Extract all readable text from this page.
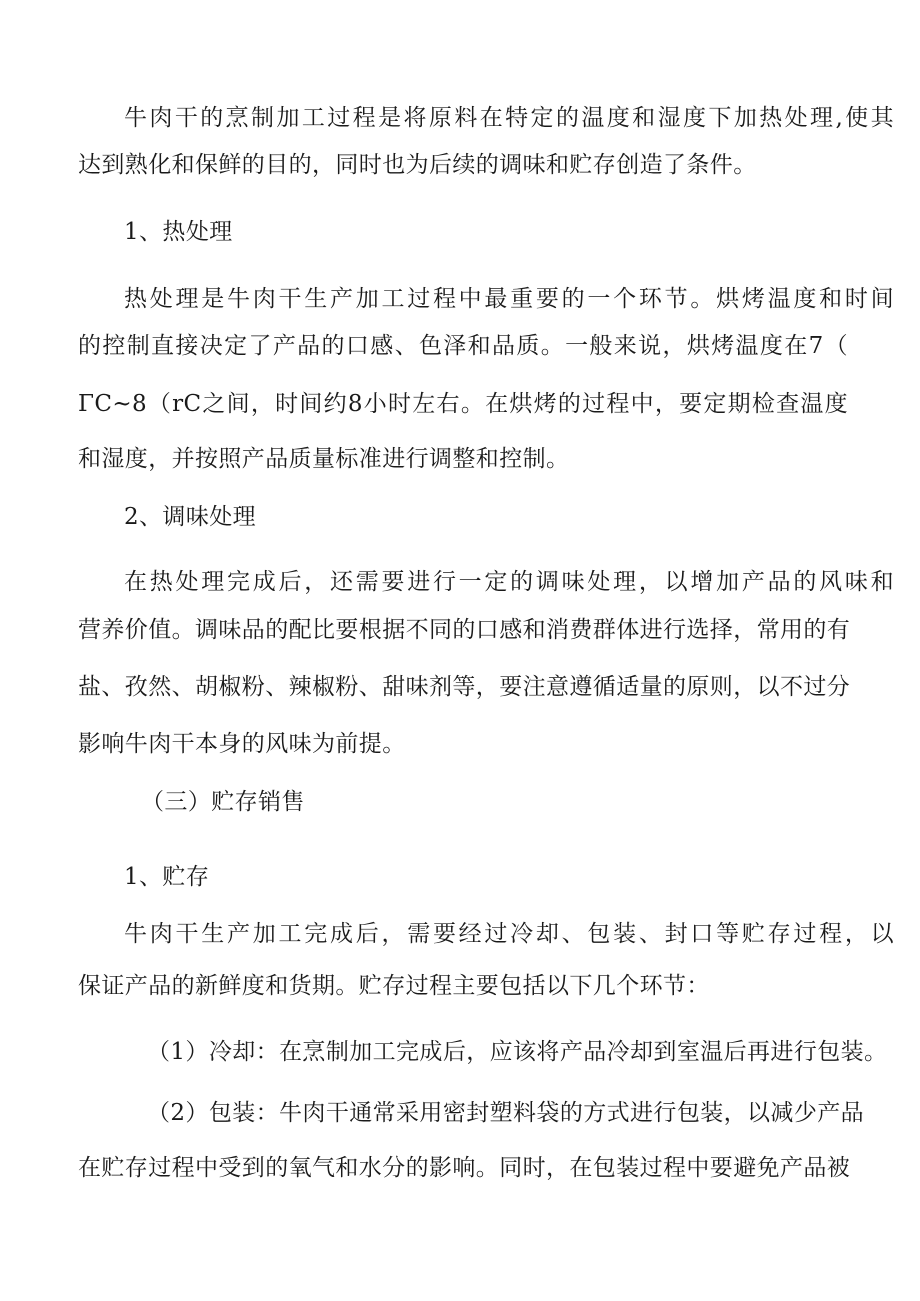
牛肉干的烹制加工过程是将原料在特定的温度和湿度下加热处理,使其
达到熟化和保鲜的目的，同时也为后续的调味和贮存创造了条件。
1、热处理
热处理是牛肉干生产加工过程中最重要的一个环节。烘烤温度和时间
的控制直接决定了产品的口感、色泽和品质。一般来说，烘烤温度在7（
ΓC~8（rC之间，时间约8小时左右。在烘烤的过程中，要定期检查温度
和湿度，并按照产品质量标准进行调整和控制。
2、调味处理
在热处理完成后，还需要进行一定的调味处理，以增加产品的风味和
营养价值。调味品的配比要根据不同的口感和消费群体进行选择，常用的有
盐、孜然、胡椒粉、辣椒粉、甜味剂等，要注意遵循适量的原则，以不过分
影响牛肉干本身的风味为前提。
（三）贮存销售
1、贮存
牛肉干生产加工完成后，需要经过冷却、包装、封口等贮存过程，以
保证产品的新鲜度和货期。贮存过程主要包括以下几个环节：
（1）冷却：在烹制加工完成后，应该将产品冷却到室温后再进行包装。
（2）包装：牛肉干通常采用密封塑料袋的方式进行包装，以减少产品
在贮存过程中受到的氧气和水分的影响。同时，在包装过程中要避免产品被
